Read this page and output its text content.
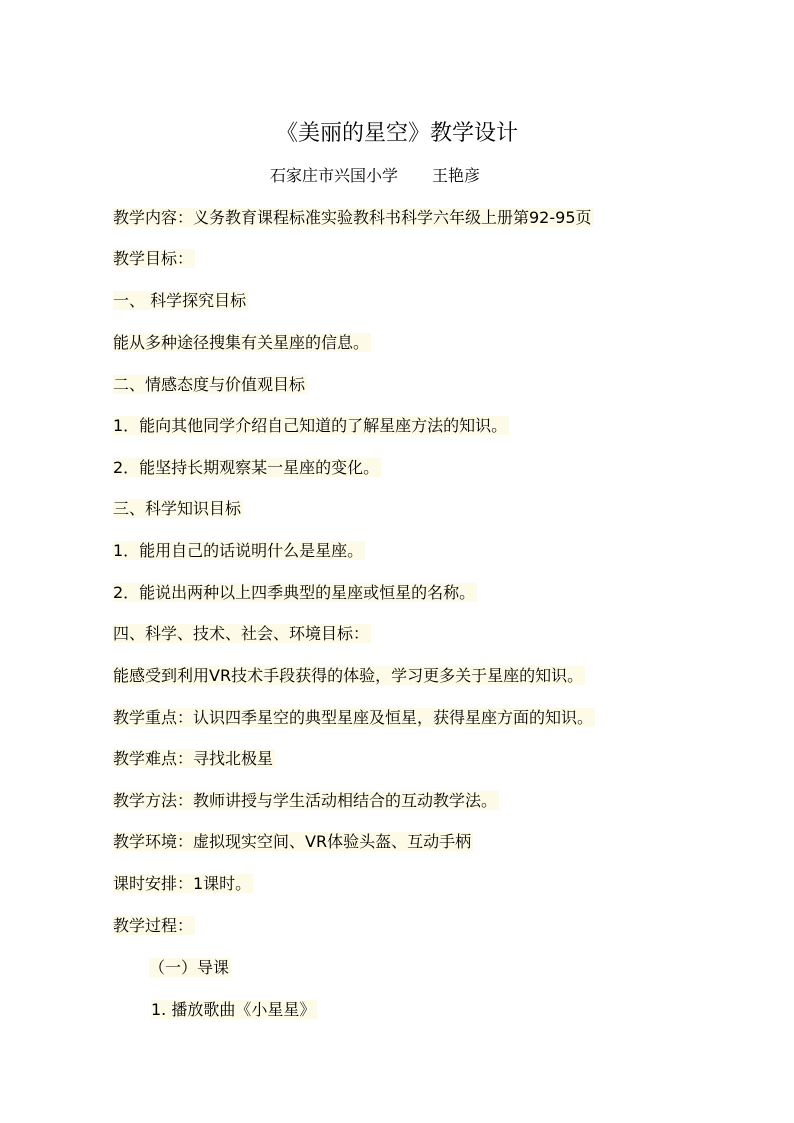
《美丽的星空》教学设计
石家庄市兴国小学 王艳彦
教学内容：义务教育课程标准实验教科书科学六年级上册第92-95页
教学目标：
一、 科学探究目标
能从多种途径搜集有关星座的信息。
二、情感态度与价值观目标
1．能向其他同学介绍自己知道的了解星座方法的知识。
2．能坚持长期观察某一星座的变化。
三、科学知识目标
1．能用自己的话说明什么是星座。
2．能说出两种以上四季典型的星座或恒星的名称。
四、科学、技术、社会、环境目标：
能感受到利用VR技术手段获得的体验，学习更多关于星座的知识。
教学重点：认识四季星空的典型星座及恒星，获得星座方面的知识。
教学难点：寻找北极星
教学方法：教师讲授与学生活动相结合的互动教学法。
教学环境：虚拟现实空间、VR体验头盔、互动手柄
课时安排：1课时。
教学过程：
（一）导课
1. 播放歌曲《小星星》
